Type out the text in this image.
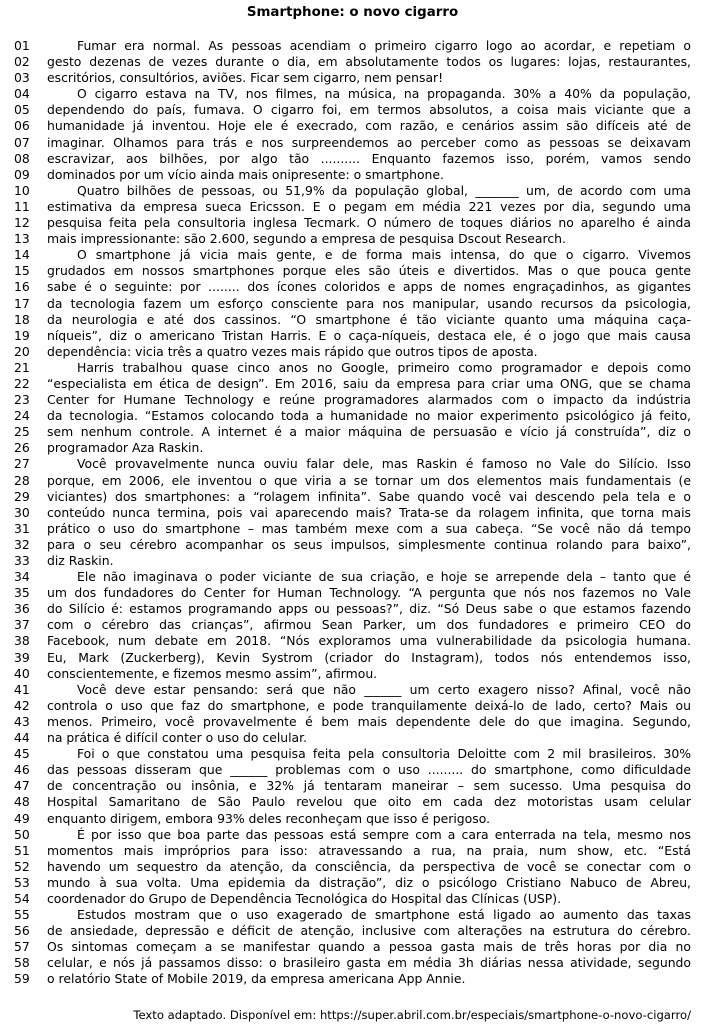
Smartphone: o novo cigarro
01	Fumar era normal. As pessoas acendiam o primeiro cigarro logo ao acordar, e repetiam o
02	gesto dezenas de vezes durante o dia, em absolutamente todos os lugares: lojas, restaurantes,
03	escritórios, consultórios, aviões. Ficar sem cigarro, nem pensar!
04	O cigarro estava na TV, nos filmes, na música, na propaganda. 30% a 40% da população,
05	dependendo do país, fumava. O cigarro foi, em termos absolutos, a coisa mais viciante que a
06	humanidade já inventou. Hoje ele é execrado, com razão, e cenários assim são difíceis até de
07	imaginar. Olhamos para trás e nos surpreendemos ao perceber como as pessoas se deixavam
08	escravizar, aos bilhões, por algo tão .......... Enquanto fazemos isso, porém, vamos sendo
09	dominados por um vício ainda mais onipresente: o smartphone.
10	Quatro bilhões de pessoas, ou 51,9% da população global, _______ um, de acordo com uma
11	estimativa da empresa sueca Ericsson. E o pegam em média 221 vezes por dia, segundo uma
12	pesquisa feita pela consultoria inglesa Tecmark. O número de toques diários no aparelho é ainda
13	mais impressionante: são 2.600, segundo a empresa de pesquisa Dscout Research.
14	O smartphone já vicia mais gente, e de forma mais intensa, do que o cigarro. Vivemos
15	grudados em nossos smartphones porque eles são úteis e divertidos. Mas o que pouca gente
16	sabe é o seguinte: por ........ dos ícones coloridos e apps de nomes engraçadinhos, as gigantes
17	da tecnologia fazem um esforço consciente para nos manipular, usando recursos da psicologia,
18	da neurologia e até dos cassinos. “O smartphone é tão viciante quanto uma máquina caça-
19	níqueis”, diz o americano Tristan Harris. E o caça-níqueis, destaca ele, é o jogo que mais causa
20	dependência: vicia três a quatro vezes mais rápido que outros tipos de aposta.
21	Harris trabalhou quase cinco anos no Google, primeiro como programador e depois como
22	“especialista em ética de design”. Em 2016, saiu da empresa para criar uma ONG, que se chama
23	Center for Humane Technology e reúne programadores alarmados com o impacto da indústria
24	da tecnologia. “Estamos colocando toda a humanidade no maior experimento psicológico já feito,
25	sem nenhum controle. A internet é a maior máquina de persuasão e vício já construída”, diz o
26	programador Aza Raskin.
27	Você provavelmente nunca ouviu falar dele, mas Raskin é famoso no Vale do Silício. Isso
28	porque, em 2006, ele inventou o que viria a se tornar um dos elementos mais fundamentais (e
29	viciantes) dos smartphones: a “rolagem infinita”. Sabe quando você vai descendo pela tela e o
30	conteúdo nunca termina, pois vai aparecendo mais? Trata-se da rolagem infinita, que torna mais
31	prático o uso do smartphone – mas também mexe com a sua cabeça. “Se você não dá tempo
32	para o seu cérebro acompanhar os seus impulsos, simplesmente continua rolando para baixo”,
33	diz Raskin.
34	Ele não imaginava o poder viciante de sua criação, e hoje se arrepende dela – tanto que é
35	um dos fundadores do Center for Human Technology. “A pergunta que nós nos fazemos no Vale
36	do Silício é: estamos programando apps ou pessoas?”, diz. “Só Deus sabe o que estamos fazendo
37	com o cérebro das crianças”, afirmou Sean Parker, um dos fundadores e primeiro CEO do
38	Facebook, num debate em 2018. “Nós exploramos uma vulnerabilidade da psicologia humana.
39	Eu, Mark (Zuckerberg), Kevin Systrom (criador do Instagram), todos nós entendemos isso,
40	conscientemente, e fizemos mesmo assim”, afirmou.
41	Você deve estar pensando: será que não ______ um certo exagero nisso? Afinal, você não
42	controla o uso que faz do smartphone, e pode tranquilamente deixá-lo de lado, certo? Mais ou
43	menos. Primeiro, você provavelmente é bem mais dependente dele do que imagina. Segundo,
44	na prática é difícil conter o uso do celular.
45	Foi o que constatou uma pesquisa feita pela consultoria Deloitte com 2 mil brasileiros. 30%
46	das pessoas disseram que ______ problemas com o uso ......... do smartphone, como dificuldade
47	de concentração ou insônia, e 32% já tentaram maneirar – sem sucesso. Uma pesquisa do
48	Hospital Samaritano de São Paulo revelou que oito em cada dez motoristas usam celular
49	enquanto dirigem, embora 93% deles reconheçam que isso é perigoso.
50	É por isso que boa parte das pessoas está sempre com a cara enterrada na tela, mesmo nos
51	momentos mais impróprios para isso: atravessando a rua, na praia, num show, etc. “Está
52	havendo um sequestro da atenção, da consciência, da perspectiva de você se conectar com o
53	mundo à sua volta. Uma epidemia da distração”, diz o psicólogo Cristiano Nabuco de Abreu,
54	coordenador do Grupo de Dependência Tecnológica do Hospital das Clínicas (USP).
55	Estudos mostram que o uso exagerado de smartphone está ligado ao aumento das taxas
56	de ansiedade, depressão e déficit de atenção, inclusive com alterações na estrutura do cérebro.
57	Os sintomas começam a se manifestar quando a pessoa gasta mais de três horas por dia no
58	celular, e nós já passamos disso: o brasileiro gasta em média 3h diárias nessa atividade, segundo
59	o relatório State of Mobile 2019, da empresa americana App Annie.
Texto adaptado. Disponível em: https://super.abril.com.br/especiais/smartphone-o-novo-cigarro/
